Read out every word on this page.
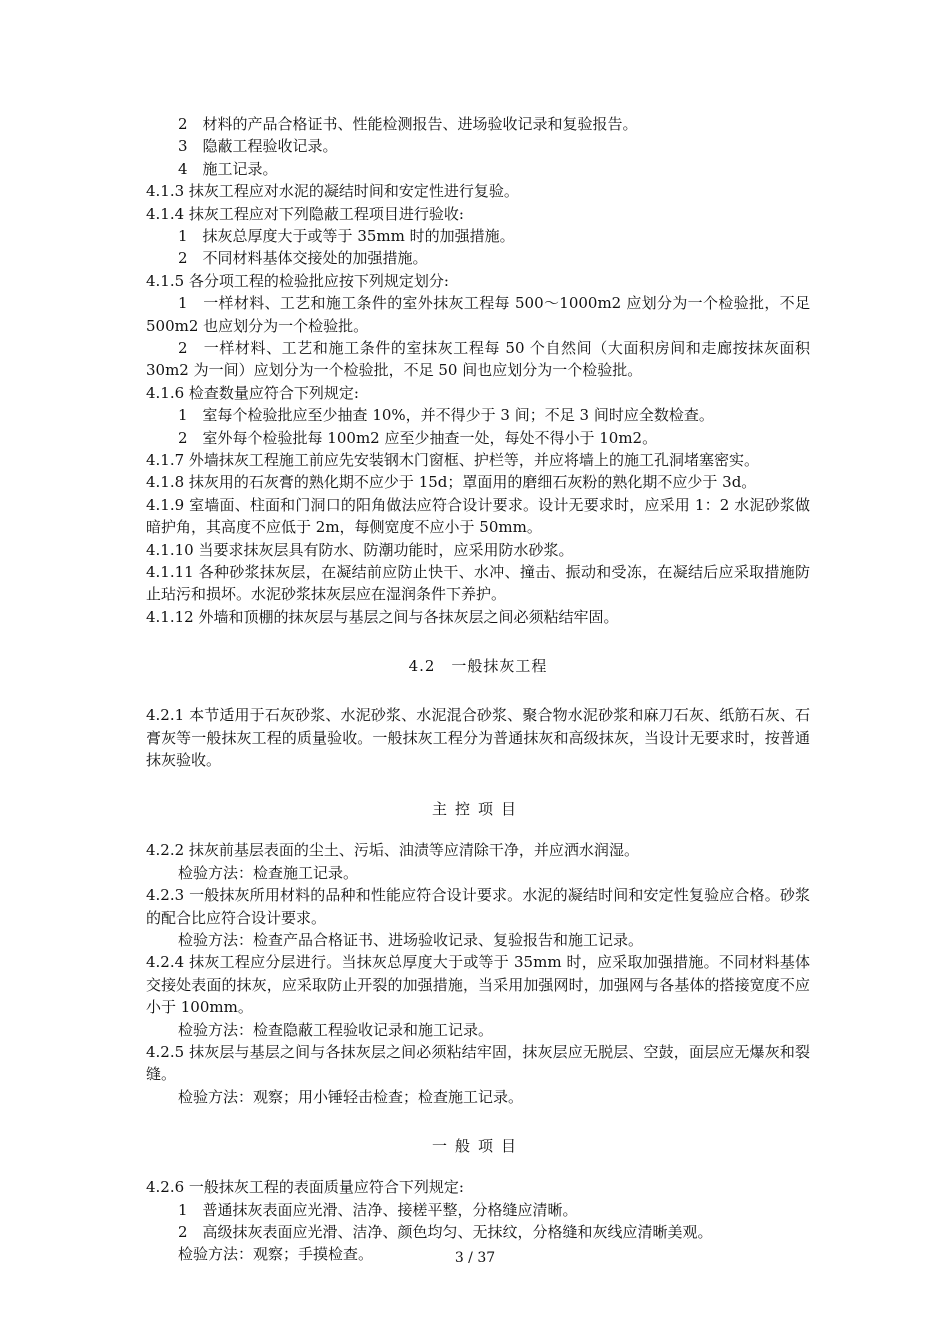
2　材料的产品合格证书、性能检测报告、进场验收记录和复验报告。
3　隐蔽工程验收记录。
4　施工记录。
4.1.3 抹灰工程应对水泥的凝结时间和安定性进行复验。
4.1.4 抹灰工程应对下列隐蔽工程项目进行验收:
1　抹灰总厚度大于或等于 35mm 时的加强措施。
2　不同材料基体交接处的加强措施。
4.1.5 各分项工程的检验批应按下列规定划分:
1　一样材料、工艺和施工条件的室外抹灰工程每 500～1000m2 应划分为一个检验批，不足 500m2 也应划分为一个检验批。
2　一样材料、工艺和施工条件的室抹灰工程每 50 个自然间（大面积房间和走廊按抹灰面积 30m2 为一间）应划分为一个检验批，不足 50 间也应划分为一个检验批。
4.1.6 检查数量应符合下列规定:
1　室每个检验批应至少抽查 10%，并不得少于 3 间；不足 3 间时应全数检查。
2　室外每个检验批每 100m2 应至少抽查一处，每处不得小于 10m2。
4.1.7 外墙抹灰工程施工前应先安装钢木门窗框、护栏等，并应将墙上的施工孔洞堵塞密实。
4.1.8 抹灰用的石灰膏的熟化期不应少于 15d；罩面用的磨细石灰粉的熟化期不应少于 3d。
4.1.9 室墙面、柱面和门洞口的阳角做法应符合设计要求。设计无要求时，应采用 1：2 水泥砂浆做暗护角，其高度不应低于 2m，每侧宽度不应小于 50mm。
4.1.10 当要求抹灰层具有防水、防潮功能时，应采用防水砂浆。
4.1.11 各种砂浆抹灰层，在凝结前应防止快干、水冲、撞击、振动和受冻，在凝结后应采取措施防止玷污和损坏。水泥砂浆抹灰层应在湿润条件下养护。
4.1.12 外墙和顶棚的抹灰层与基层之间与各抹灰层之间必须粘结牢固。
4.2　一般抹灰工程
4.2.1 本节适用于石灰砂浆、水泥砂浆、水泥混合砂浆、聚合物水泥砂浆和麻刀石灰、纸筋石灰、石膏灰等一般抹灰工程的质量验收。一般抹灰工程分为普通抹灰和高级抹灰，当设计无要求时，按普通抹灰验收。
主控项目
4.2.2 抹灰前基层表面的尘土、污垢、油渍等应清除干净，并应洒水润湿。
检验方法：检查施工记录。
4.2.3 一般抹灰所用材料的品种和性能应符合设计要求。水泥的凝结时间和安定性复验应合格。砂浆的配合比应符合设计要求。
检验方法：检查产品合格证书、进场验收记录、复验报告和施工记录。
4.2.4 抹灰工程应分层进行。当抹灰总厚度大于或等于 35mm 时，应采取加强措施。不同材料基体交接处表面的抹灰，应采取防止开裂的加强措施，当采用加强网时，加强网与各基体的搭接宽度不应小于 100mm。
检验方法：检查隐蔽工程验收记录和施工记录。
4.2.5 抹灰层与基层之间与各抹灰层之间必须粘结牢固，抹灰层应无脱层、空鼓，面层应无爆灰和裂缝。
检验方法：观察；用小锤轻击检查；检查施工记录。
一般项目
4.2.6 一般抹灰工程的表面质量应符合下列规定:
1　普通抹灰表面应光滑、洁净、接槎平整，分格缝应清晰。
2　高级抹灰表面应光滑、洁净、颜色均匀、无抹纹，分格缝和灰线应清晰美观。
检验方法：观察；手摸检查。	3 / 37
